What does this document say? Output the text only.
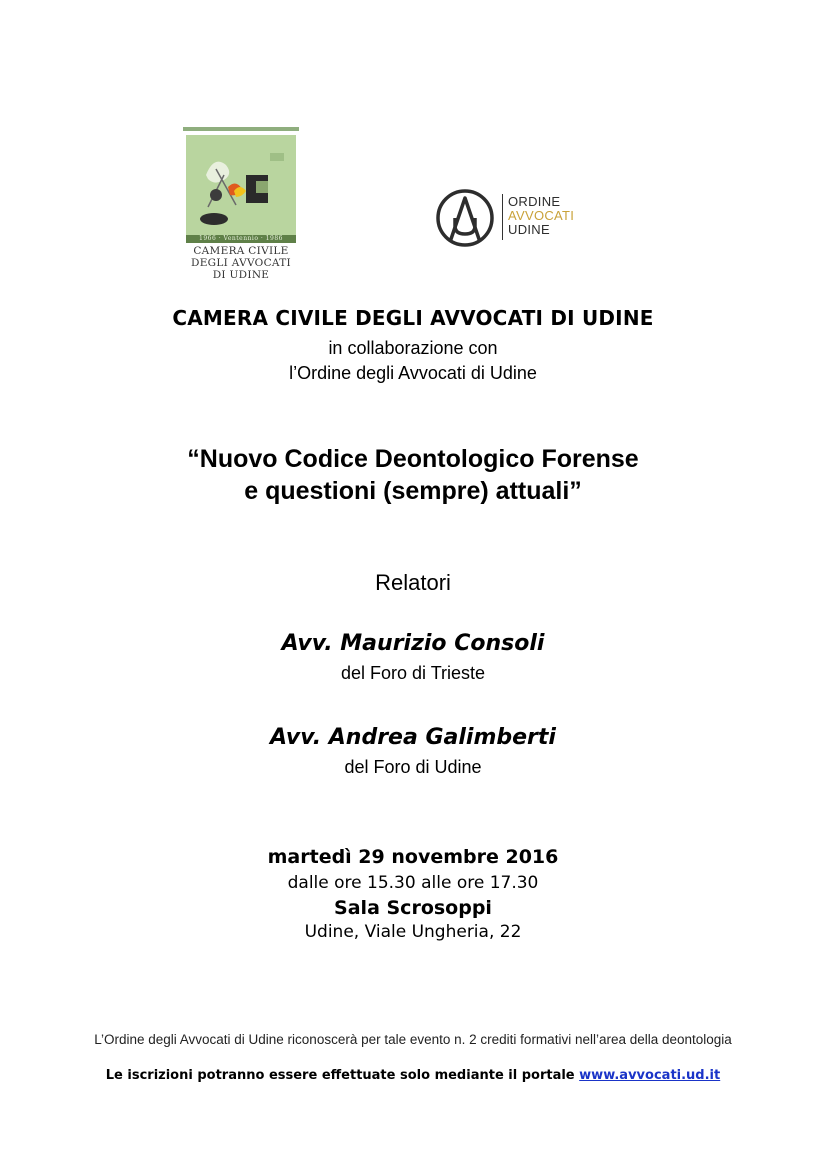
1966 · Ventennio · 1986
CAMERA CIVILE
DEGLI AVVOCATI
DI UDINE
ORDINE
AVVOCATI
UDINE
CAMERA CIVILE DEGLI AVVOCATI DI UDINE
in collaborazione con
l’Ordine degli Avvocati di Udine
“Nuovo Codice Deontologico Forense
e questioni (sempre) attuali”
Relatori
Avv. Maurizio Consoli
del Foro di Trieste
Avv. Andrea Galimberti
del Foro di Udine
martedì 29 novembre 2016
dalle ore 15.30 alle ore 17.30
Sala Scrosoppi
Udine, Viale Ungheria, 22
L’Ordine degli Avvocati di Udine riconoscerà per tale evento n. 2 crediti formativi nell’area della deontologia
Le iscrizioni potranno essere effettuate solo mediante il portale www.avvocati.ud.it
